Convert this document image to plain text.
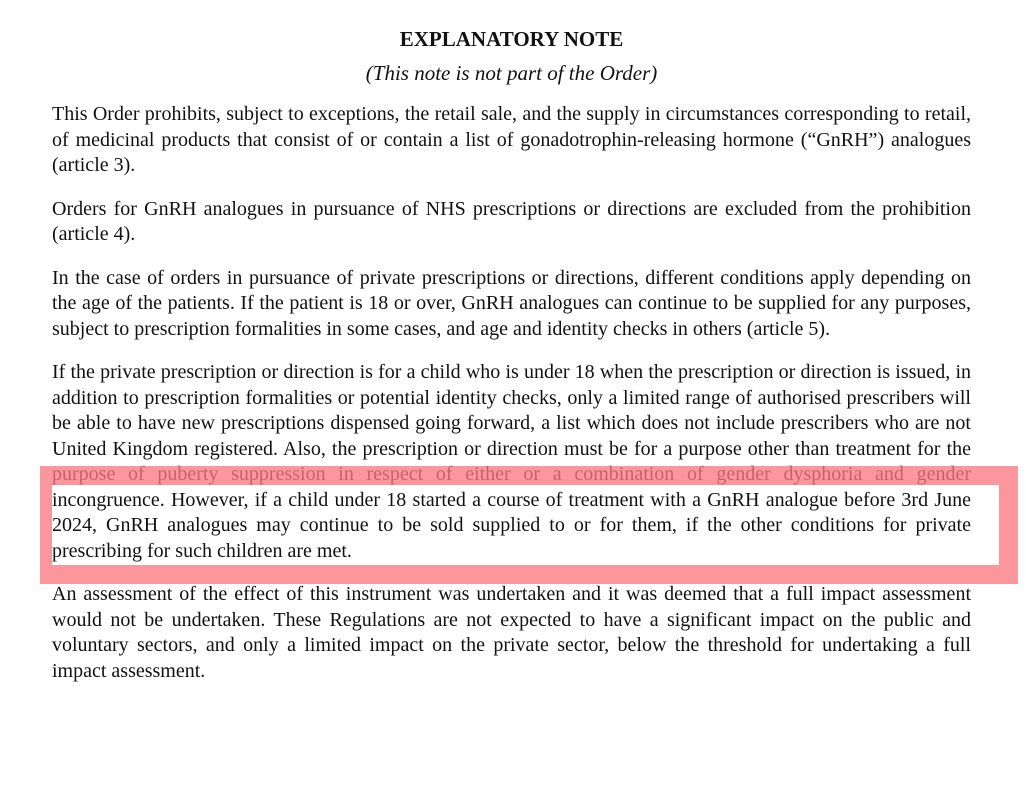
EXPLANATORY NOTE

(This note is not part of the Order)

This Order prohibits, subject to exceptions, the retail sale, and the supply in circumstances corresponding to retail, of medicinal products that consist of or contain a list of gonadotrophin-releasing hormone (“GnRH”) analogues (article 3).

Orders for GnRH analogues in pursuance of NHS prescriptions or directions are excluded from the prohibition (article 4).

In the case of orders in pursuance of private prescriptions or directions, different conditions apply depending on the age of the patients. If the patient is 18 or over, GnRH analogues can continue to be supplied for any purposes, subject to prescription formalities in some cases, and age and identity checks in others (article 5).

If the private prescription or direction is for a child who is under 18 when the prescription or direction is issued, in addition to prescription formalities or potential identity checks, only a limited range of authorised prescribers will be able to have new prescriptions dispensed going forward, a list which does not include prescribers who are not United Kingdom registered. Also, the prescription or direction must be for a purpose other than treatment for the purpose of puberty suppression in respect of either or a combination of gender dysphoria and gender incongruence. However, if a child under 18 started a course of treatment with a GnRH analogue before 3rd June 2024, GnRH analogues may continue to be sold supplied to or for them, if the other conditions for private prescribing for such children are met.

An assessment of the effect of this instrument was undertaken and it was deemed that a full impact assessment would not be undertaken. These Regulations are not expected to have a significant impact on the public and voluntary sectors, and only a limited impact on the private sector, below the threshold for undertaking a full impact assessment.
